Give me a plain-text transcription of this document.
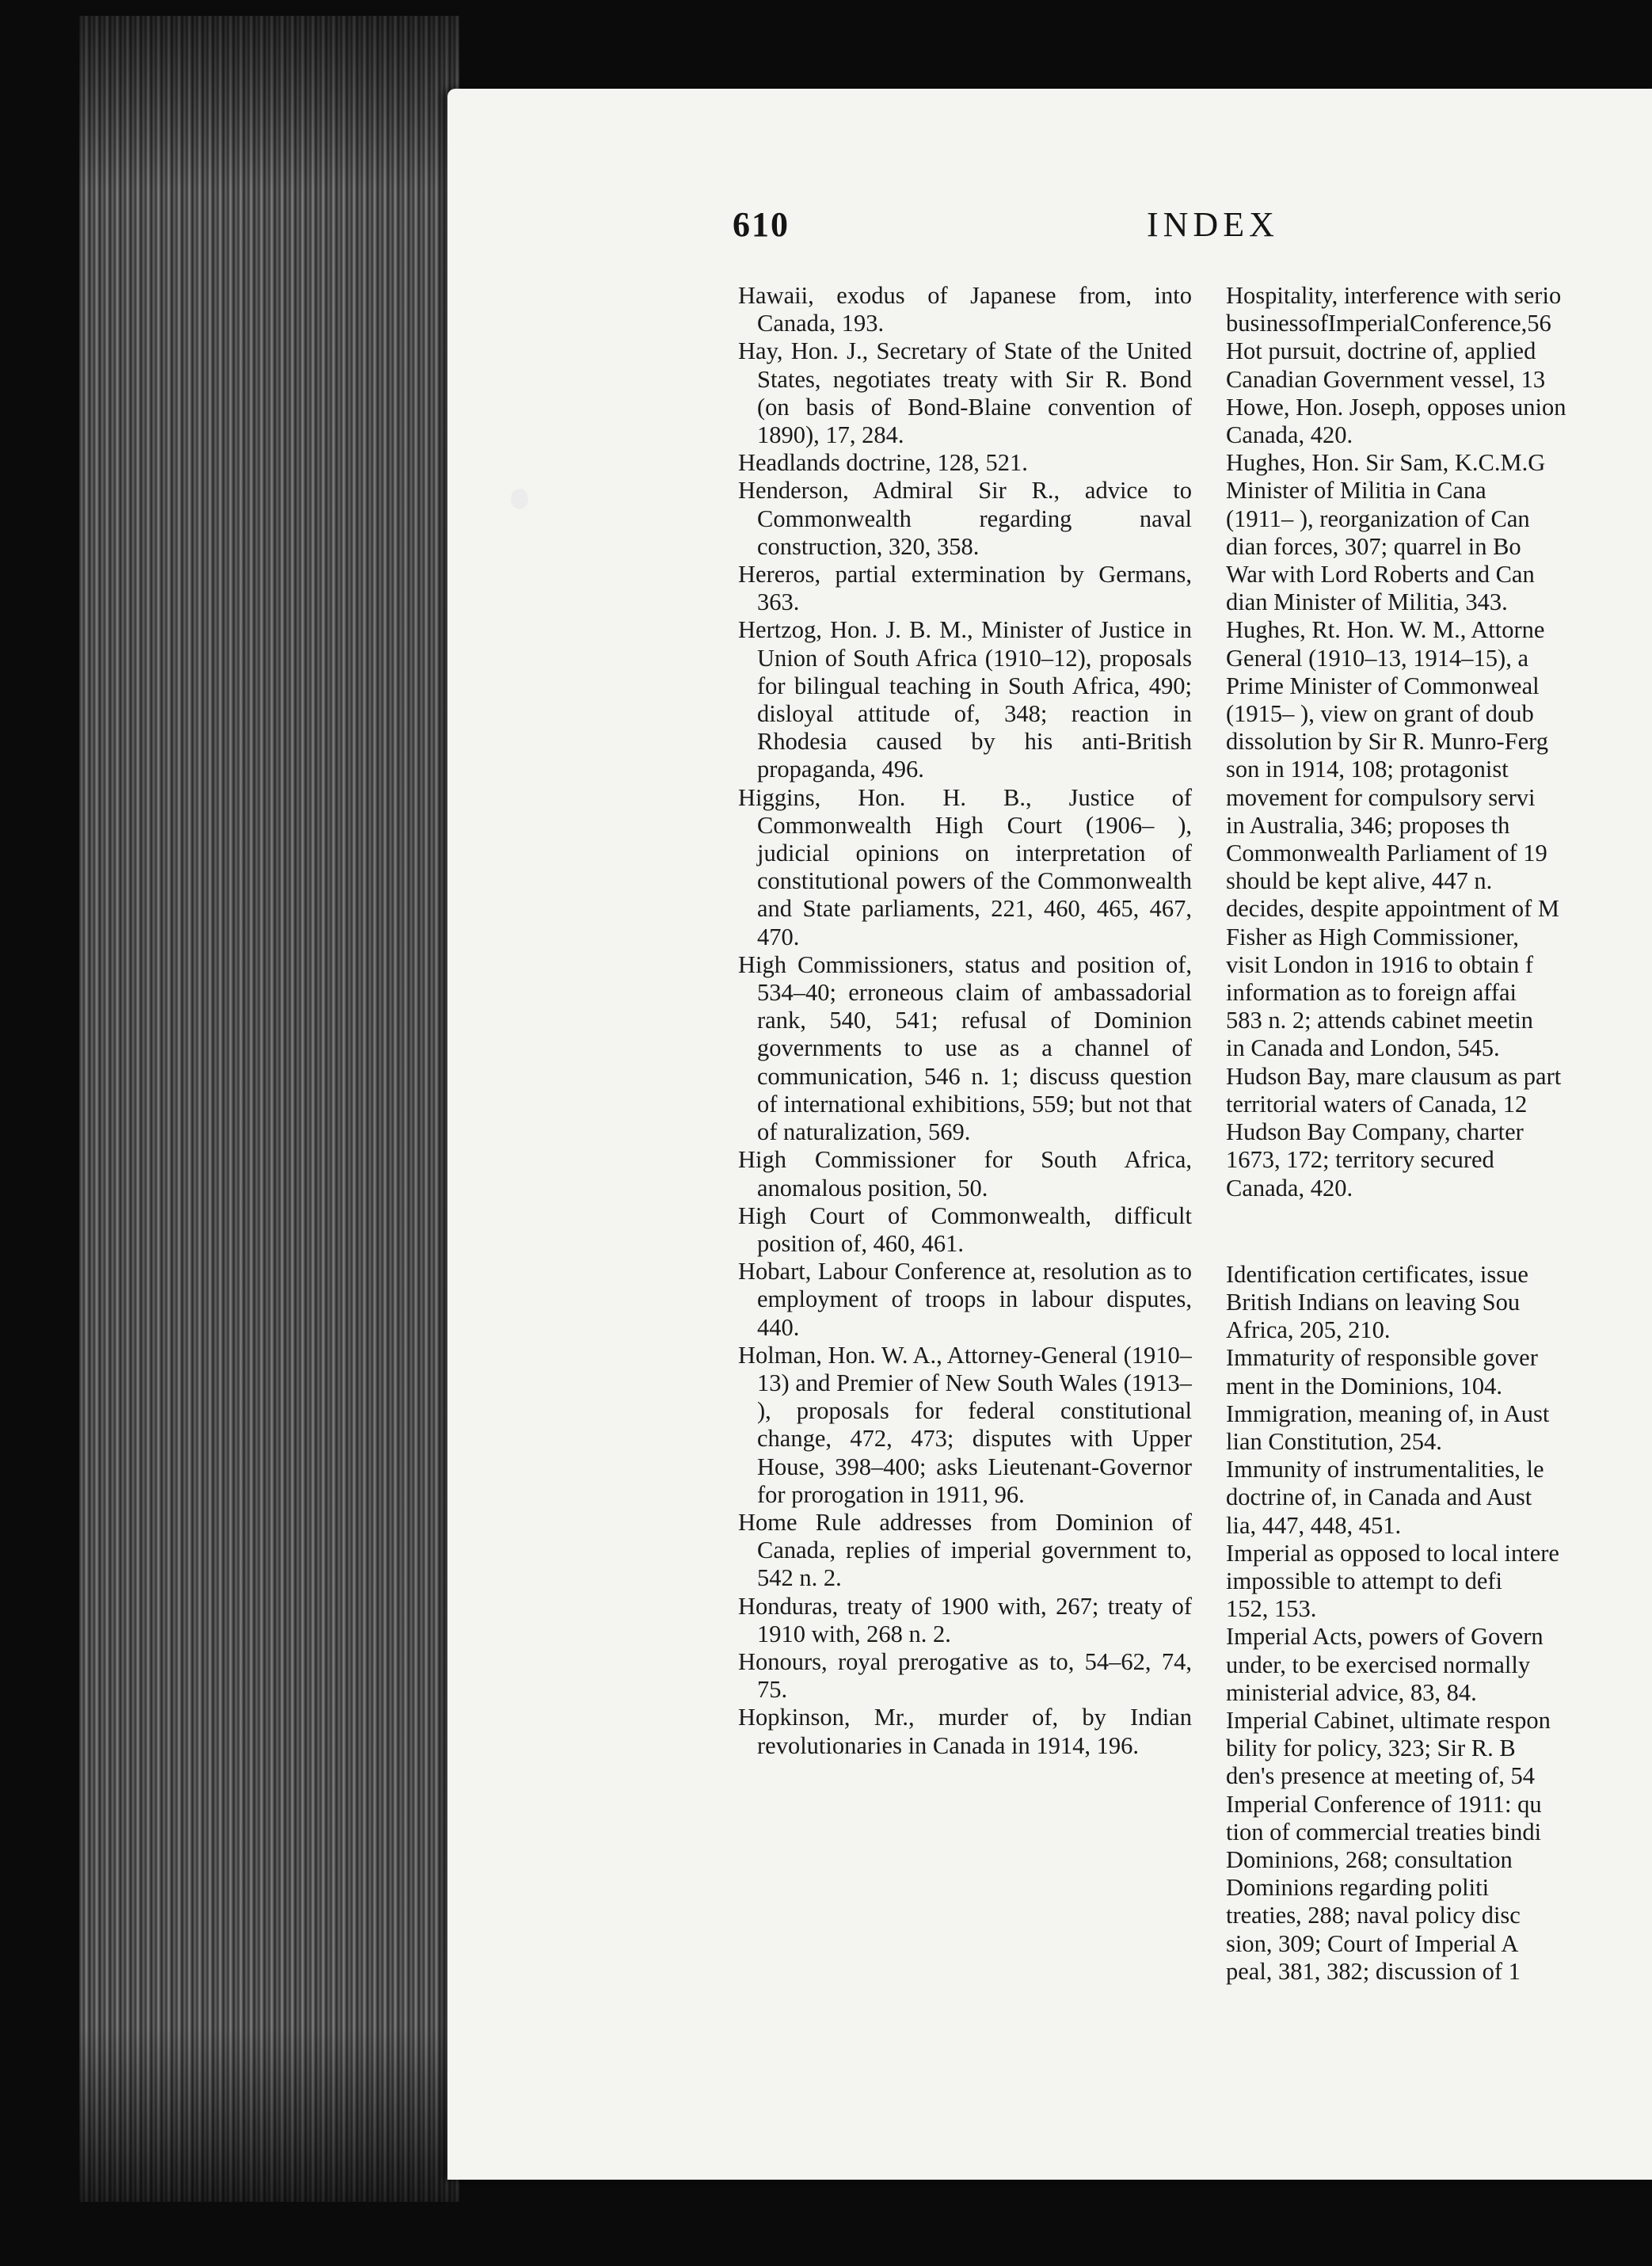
610	INDEX

Hawaii, exodus of Japanese from, into Canada, 193.

Hay, Hon. J., Secretary of State of the United States, negotiates treaty with Sir R. Bond (on basis of Bond-Blaine convention of 1890), 17, 284.

Headlands doctrine, 128, 521.

Henderson, Admiral Sir R., advice to Commonwealth regarding naval construction, 320, 358.

Hereros, partial extermination by Germans, 363.

Hertzog, Hon. J. B. M., Minister of Justice in Union of South Africa (1910–12), proposals for bilingual teaching in South Africa, 490; disloyal attitude of, 348; reaction in Rhodesia caused by his anti-British propaganda, 496.

Higgins, Hon. H. B., Justice of Commonwealth High Court (1906– ), judicial opinions on interpretation of constitutional powers of the Commonwealth and State parliaments, 221, 460, 465, 467, 470.

High Commissioners, status and position of, 534–40; erroneous claim of ambassadorial rank, 540, 541; refusal of Dominion governments to use as a channel of communication, 546 n. 1; discuss question of international exhibitions, 559; but not that of naturalization, 569.

High Commissioner for South Africa, anomalous position, 50.

High Court of Commonwealth, difficult position of, 460, 461.

Hobart, Labour Conference at, resolution as to employment of troops in labour disputes, 440.

Holman, Hon. W. A., Attorney-General (1910–13) and Premier of New South Wales (1913– ), proposals for federal constitutional change, 472, 473; disputes with Upper House, 398–400; asks Lieutenant-Governor for prorogation in 1911, 96.

Home Rule addresses from Dominion of Canada, replies of imperial government to, 542 n. 2.

Honduras, treaty of 1900 with, 267; treaty of 1910 with, 268 n. 2.

Honours, royal prerogative as to, 54–62, 74, 75.

Hopkinson, Mr., murder of, by Indian revolutionaries in Canada in 1914, 196.

Hospitality, interference with serio

businessofImperialConference,56

Hot pursuit, doctrine of, applied

Canadian Government vessel, 13

Howe, Hon. Joseph, opposes union

Canada, 420.

Hughes, Hon. Sir Sam, K.C.M.G

Minister of Militia in Cana

(1911– ), reorganization of Can

dian forces, 307; quarrel in Bo

War with Lord Roberts and Can

dian Minister of Militia, 343.

Hughes, Rt. Hon. W. M., Attorne

General (1910–13, 1914–15), a

Prime Minister of Commonweal

(1915– ), view on grant of doub

dissolution by Sir R. Munro-Ferg

son in 1914, 108; protagonist

movement for compulsory servi

in Australia, 346; proposes th

Commonwealth Parliament of 19

should be kept alive, 447 n.

decides, despite appointment of M

Fisher as High Commissioner,

visit London in 1916 to obtain f

information as to foreign affai

583 n. 2; attends cabinet meetin

in Canada and London, 545.

Hudson Bay, mare clausum as part

territorial waters of Canada, 12

Hudson Bay Company, charter

1673, 172; territory secured

Canada, 420.

Identification certificates, issue

British Indians on leaving Sou

Africa, 205, 210.

Immaturity of responsible gover

ment in the Dominions, 104.

Immigration, meaning of, in Aust

lian Constitution, 254.

Immunity of instrumentalities, le

doctrine of, in Canada and Aust

lia, 447, 448, 451.

Imperial as opposed to local intere

impossible to attempt to defi

152, 153.

Imperial Acts, powers of Govern

under, to be exercised normally

ministerial advice, 83, 84.

Imperial Cabinet, ultimate respon

bility for policy, 323; Sir R. B

den's presence at meeting of, 54

Imperial Conference of 1911: qu

tion of commercial treaties bindi

Dominions, 268; consultation

Dominions regarding politi

treaties, 288; naval policy disc

sion, 309; Court of Imperial A

peal, 381, 382; discussion of 1
